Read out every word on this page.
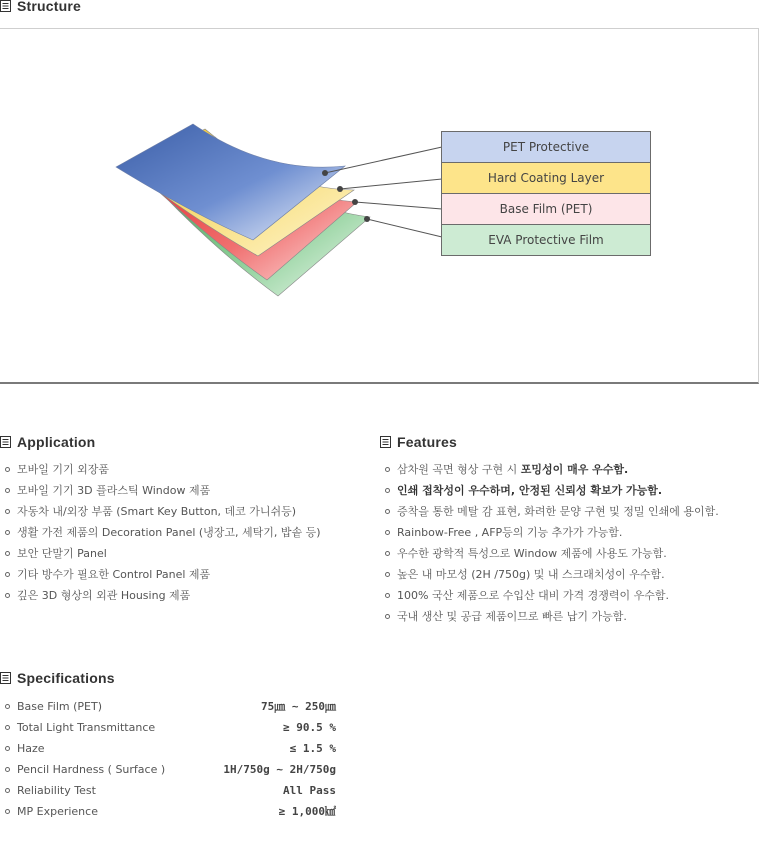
Structure
PET Protective
Hard Coating Layer
Base Film (PET)
EVA Protective Film
Application
모바일 기기 외장품
모바일 기기 3D 플라스틱 Window 제품
자동차 내/외장 부품 (Smart Key Button, 데코 가니쉬등)
생활 가전 제품의 Decoration Panel (냉장고, 세탁기, 밥솥 등)
보안 단말기 Panel
기타 방수가 필요한 Control Panel 제품
깊은 3D 형상의 외관 Housing 제품
Features
삼차원 곡면 형상 구현 시 포밍성이 매우 우수함.
인쇄 접착성이 우수하며, 안정된 신뢰성 확보가 가능함.
증착을 통한 메탈 감 표현, 화려한 문양 구현 및 정밀 인쇄에 용이함.
Rainbow-Free , AFP등의 기능 추가가 가능함.
우수한 광학적 특성으로 Window 제품에 사용도 가능함.
높은 내 마모성 (2H /750g) 및 내 스크래치성이 우수함.
100% 국산 제품으로 수입산 대비 가격 경쟁력이 우수함.
국내 생산 및 공급 제품이므로 빠른 납기 가능함.
Specifications
Base Film (PET)	75㎛ ~ 250㎛
Total Light Transmittance	≥ 90.5 %
Haze	≤ 1.5 %
Pencil Hardness ( Surface )	1H/750g ~ 2H/750g
Reliability Test	All Pass
MP Experience	≥ 1,000㎢
